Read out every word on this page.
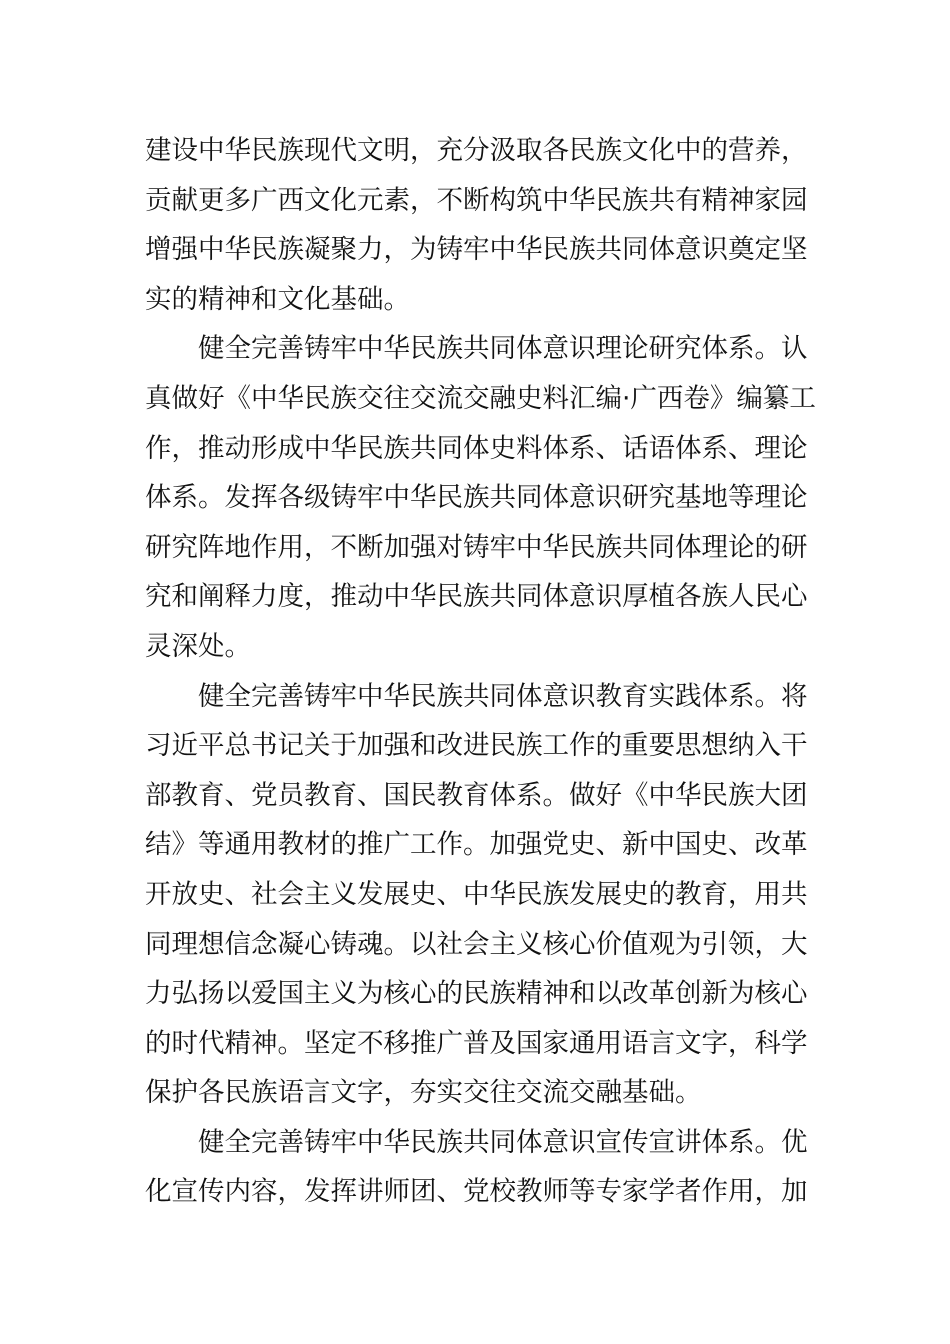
建设中华民族现代文明，充分汲取各民族文化中的营养，
贡献更多广西文化元素，不断构筑中华民族共有精神家园
增强中华民族凝聚力，为铸牢中华民族共同体意识奠定坚
实的精神和文化基础。
健全完善铸牢中华民族共同体意识理论研究体系。认
真做好《中华民族交往交流交融史料汇编·广西卷》编纂工
作，推动形成中华民族共同体史料体系、话语体系、理论
体系。发挥各级铸牢中华民族共同体意识研究基地等理论
研究阵地作用，不断加强对铸牢中华民族共同体理论的研
究和阐释力度，推动中华民族共同体意识厚植各族人民心
灵深处。
健全完善铸牢中华民族共同体意识教育实践体系。将
习近平总书记关于加强和改进民族工作的重要思想纳入干
部教育、党员教育、国民教育体系。做好《中华民族大团
结》等通用教材的推广工作。加强党史、新中国史、改革
开放史、社会主义发展史、中华民族发展史的教育，用共
同理想信念凝心铸魂。以社会主义核心价值观为引领，大
力弘扬以爱国主义为核心的民族精神和以改革创新为核心
的时代精神。坚定不移推广普及国家通用语言文字，科学
保护各民族语言文字，夯实交往交流交融基础。
健全完善铸牢中华民族共同体意识宣传宣讲体系。优
化宣传内容，发挥讲师团、党校教师等专家学者作用，加
